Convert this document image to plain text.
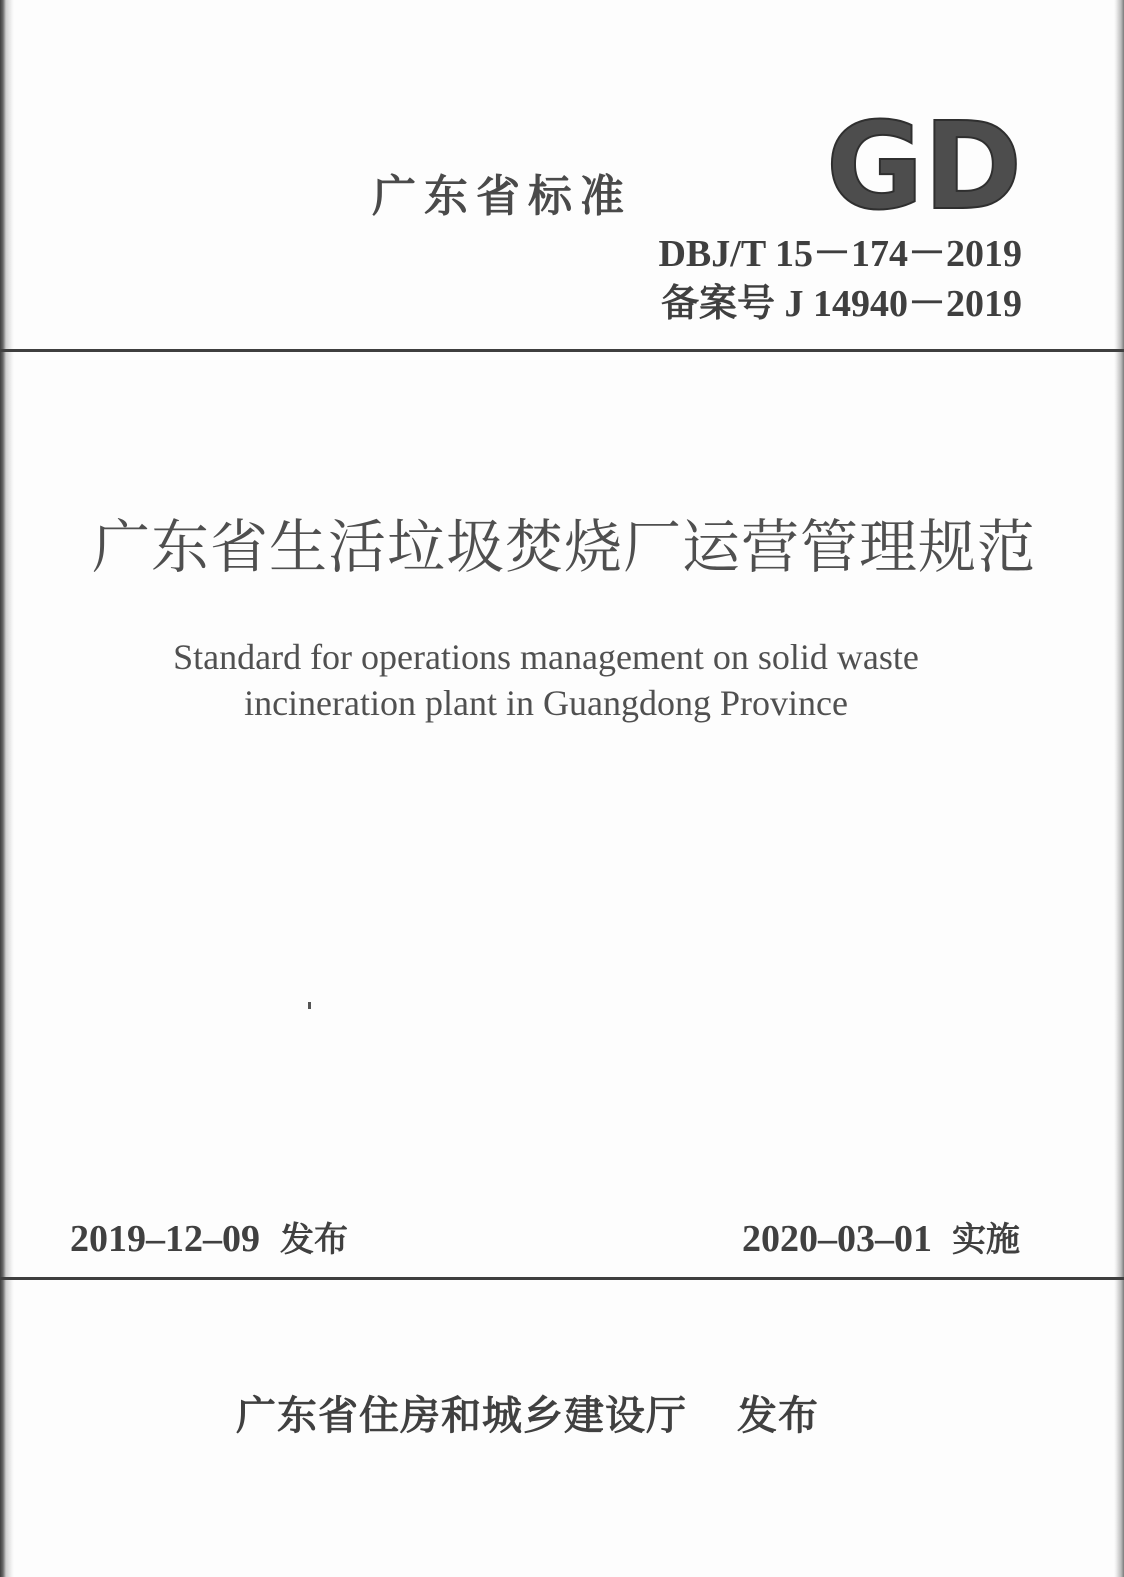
广东省标准 GD
DBJ/T 15－174－2019
备案号 J 14940－2019
广东省生活垃圾焚烧厂运营管理规范
Standard for operations management on solid waste
incineration plant in Guangdong Province
2019–12–09 发布	2020–03–01 实施
广东省住房和城乡建设厅 发布
